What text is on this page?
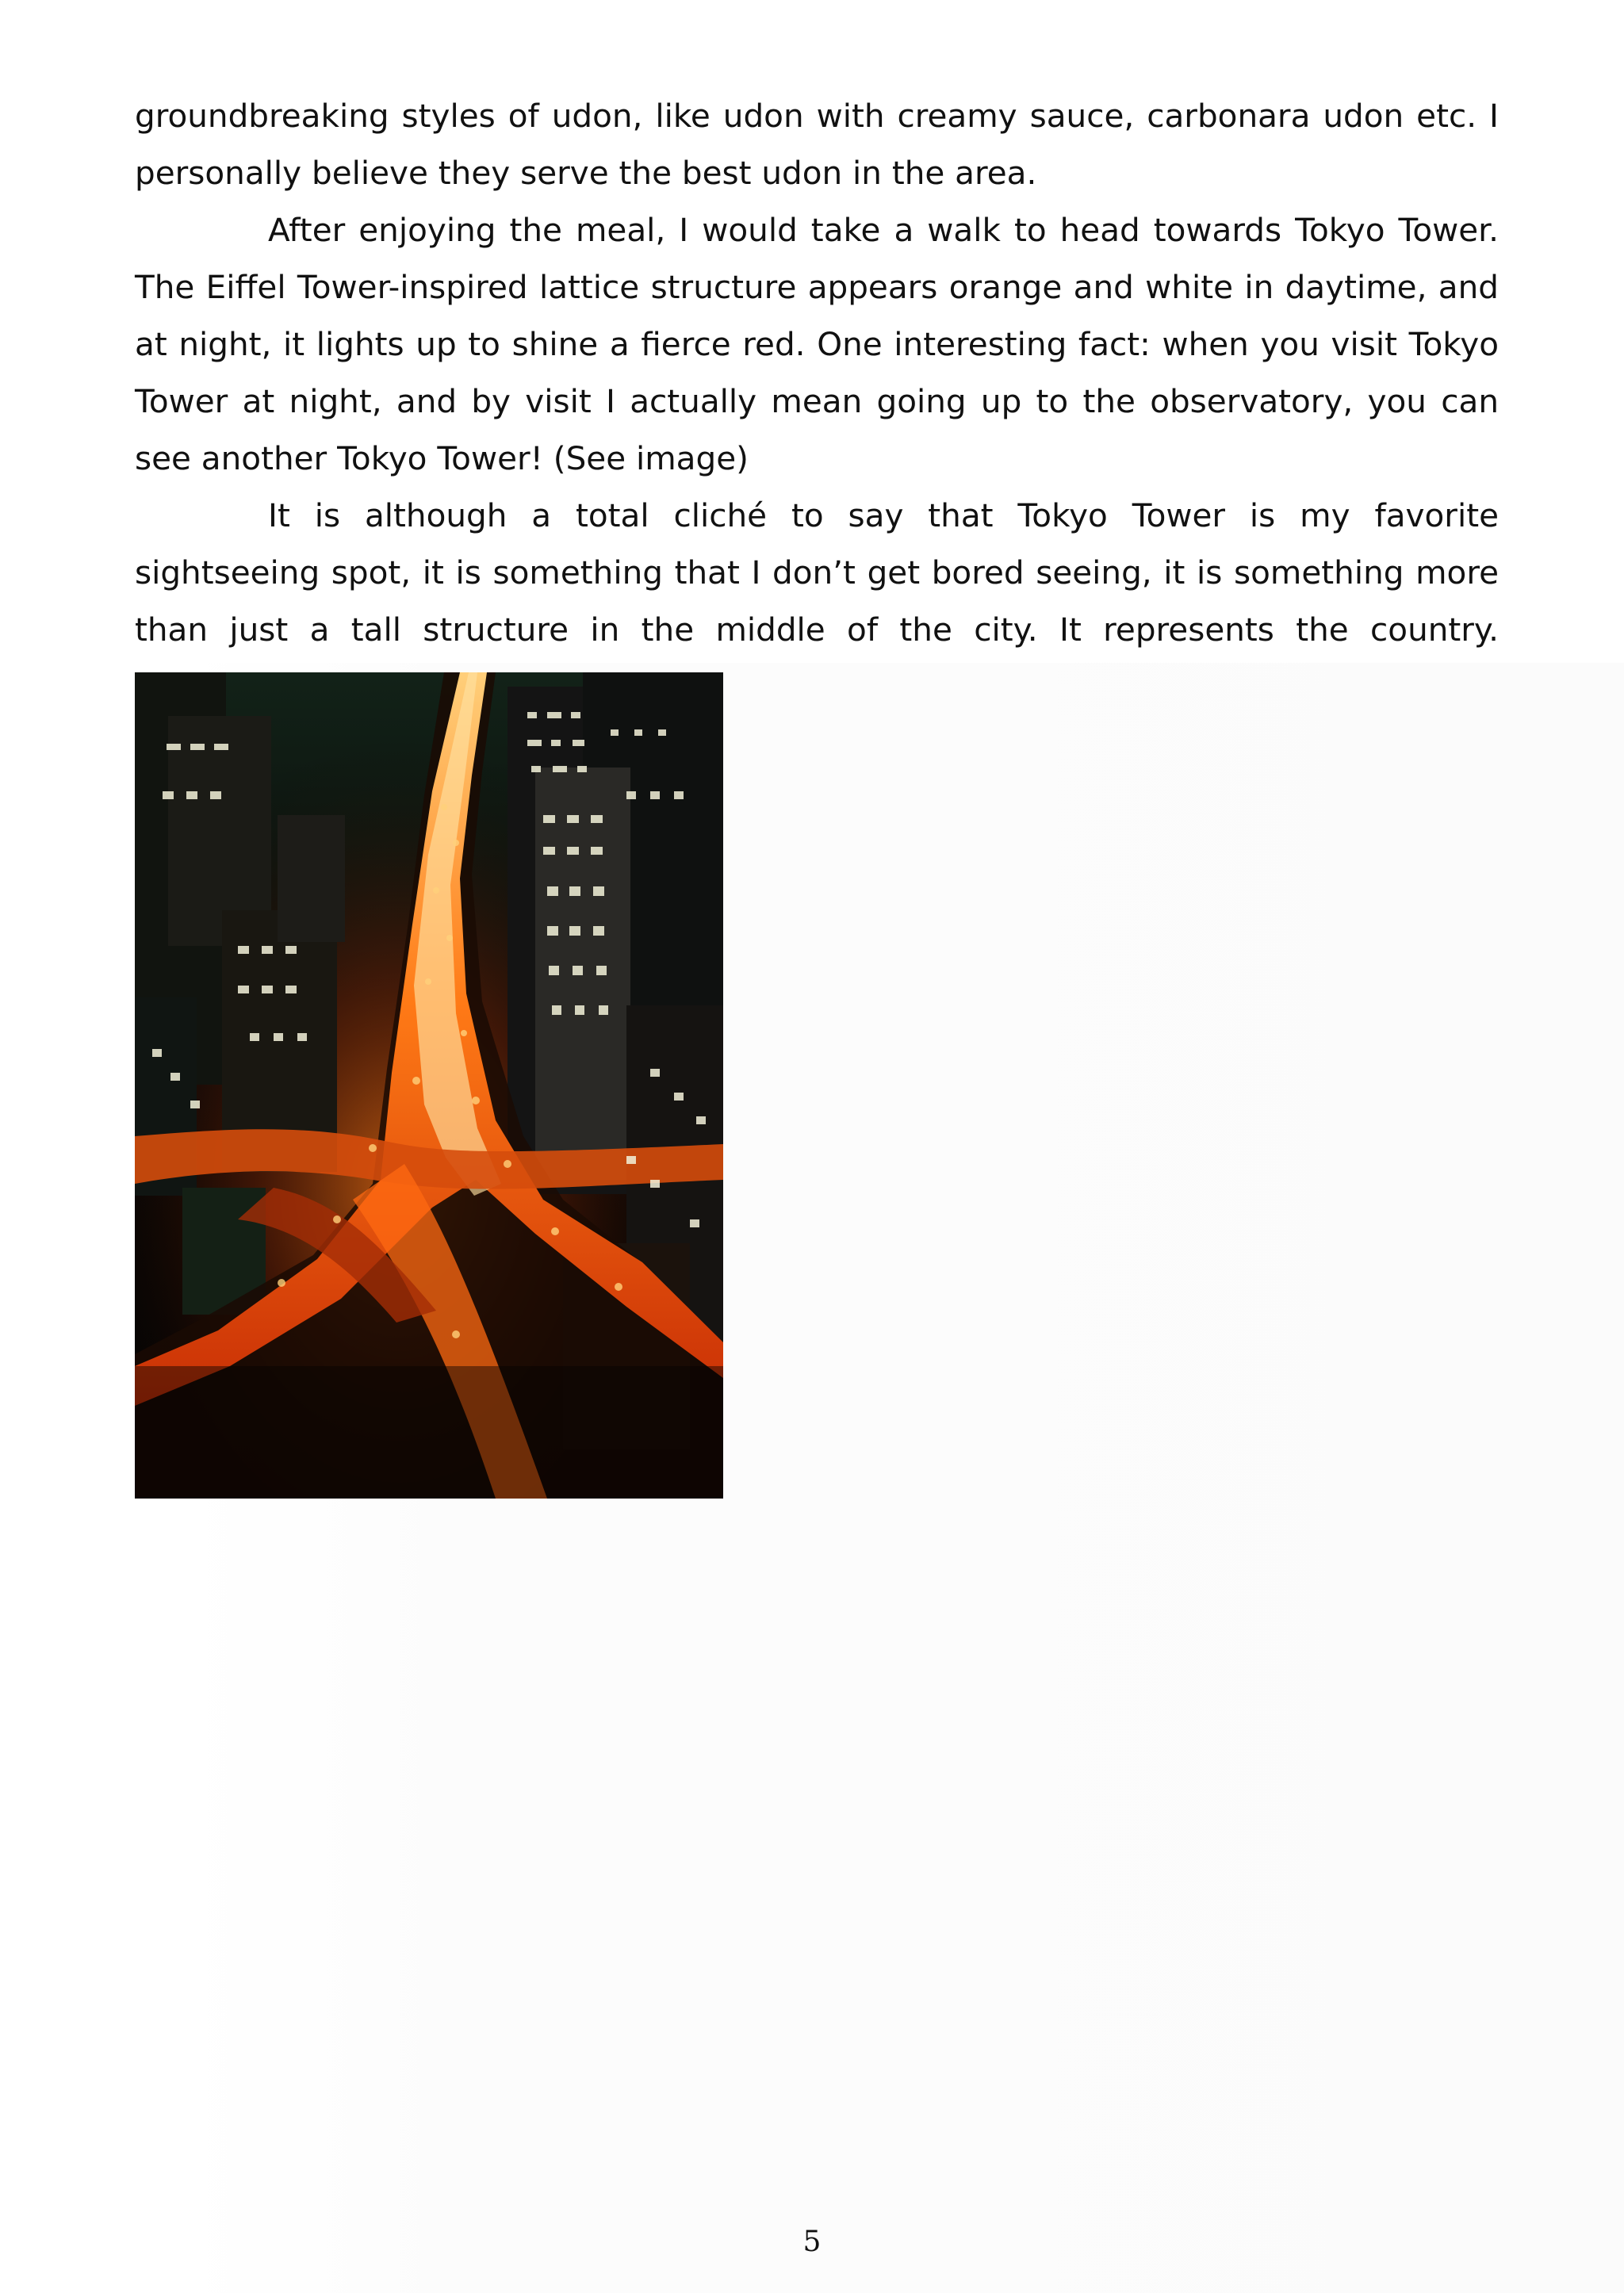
groundbreaking styles of udon, like udon with creamy sauce, carbonara udon etc. I personally believe they serve the best udon in the area.

After enjoying the meal, I would take a walk to head towards Tokyo Tower. The Eiffel Tower-inspired lattice structure appears orange and white in daytime, and at night, it lights up to shine a fierce red. One interesting fact: when you visit Tokyo Tower at night, and by visit I actually mean going up to the observatory, you can see another Tokyo Tower! (See image)

It is although a total cliché to say that Tokyo Tower is my favorite sightseeing spot, it is something that I don’t get bored seeing, it is something more than just a tall structure in the middle of the city. It represents the country.

5
